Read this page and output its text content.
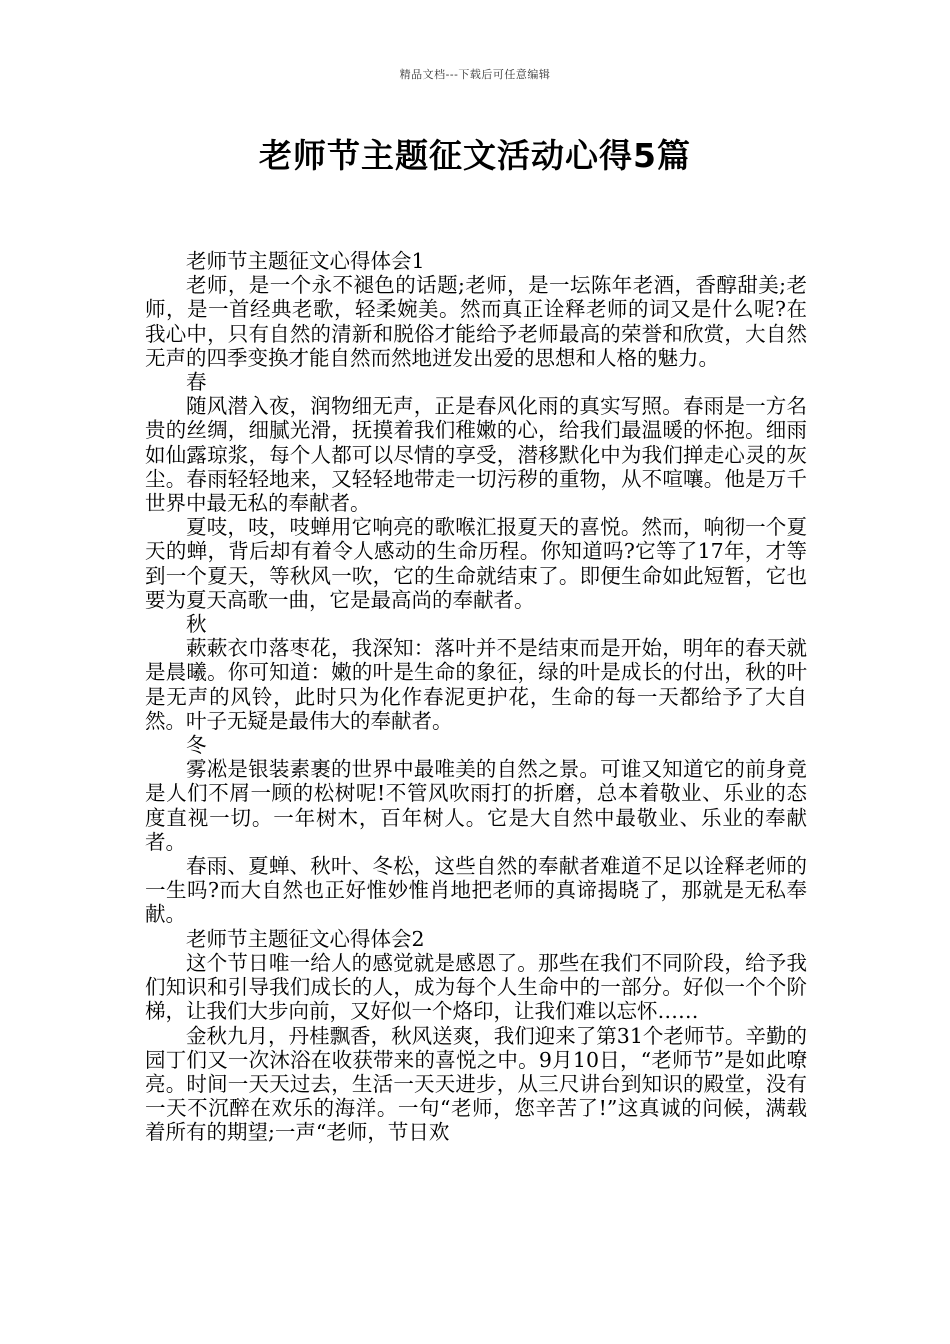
精品文档---下载后可任意编辑
老师节主题征文活动心得5篇

老师节主题征文心得体会1

老师，是一个永不褪色的话题;老师，是一坛陈年老酒，香醇甜美;老师，是一首经典老歌，轻柔婉美。然而真正诠释老师的词又是什么呢?在我心中，只有自然的清新和脱俗才能给予老师最高的荣誉和欣赏，大自然无声的四季变换才能自然而然地迸发出爱的思想和人格的魅力。

春

随风潜入夜，润物细无声，正是春风化雨的真实写照。春雨是一方名贵的丝绸，细腻光滑，抚摸着我们稚嫩的心，给我们最温暖的怀抱。细雨如仙露琼浆，每个人都可以尽情的享受，潜移默化中为我们掸走心灵的灰尘。春雨轻轻地来，又轻轻地带走一切污秽的重物，从不喧嚷。他是万千世界中最无私的奉献者。

夏吱，吱，吱蝉用它响亮的歌喉汇报夏天的喜悦。然而，响彻一个夏天的蝉，背后却有着令人感动的生命历程。你知道吗?它等了17年，才等到一个夏天，等秋风一吹，它的生命就结束了。即便生命如此短暂，它也要为夏天高歌一曲，它是最高尚的奉献者。

秋

蔌蔌衣巾落枣花，我深知：落叶并不是结束而是开始，明年的春天就是晨曦。你可知道：嫩的叶是生命的象征，绿的叶是成长的付出，秋的叶是无声的风铃，此时只为化作春泥更护花，生命的每一天都给予了大自然。叶子无疑是最伟大的奉献者。

冬

雾凇是银装素裹的世界中最唯美的自然之景。可谁又知道它的前身竟是人们不屑一顾的松树呢!不管风吹雨打的折磨，总本着敬业、乐业的态度直视一切。一年树木，百年树人。它是大自然中最敬业、乐业的奉献者。

春雨、夏蝉、秋叶、冬松，这些自然的奉献者难道不足以诠释老师的一生吗?而大自然也正好惟妙惟肖地把老师的真谛揭晓了，那就是无私奉献。

老师节主题征文心得体会2

这个节日唯一给人的感觉就是感恩了。那些在我们不同阶段，给予我们知识和引导我们成长的人，成为每个人生命中的一部分。好似一个个阶梯，让我们大步向前，又好似一个烙印，让我们难以忘怀……

金秋九月，丹桂飘香，秋风送爽，我们迎来了第31个老师节。辛勤的园丁们又一次沐浴在收获带来的喜悦之中。9月10日，“老师节”是如此嘹亮。时间一天天过去，生活一天天进步，从三尺讲台到知识的殿堂，没有一天不沉醉在欢乐的海洋。一句“老师，您辛苦了!”这真诚的问候，满载着所有的期望;一声“老师，节日欢
